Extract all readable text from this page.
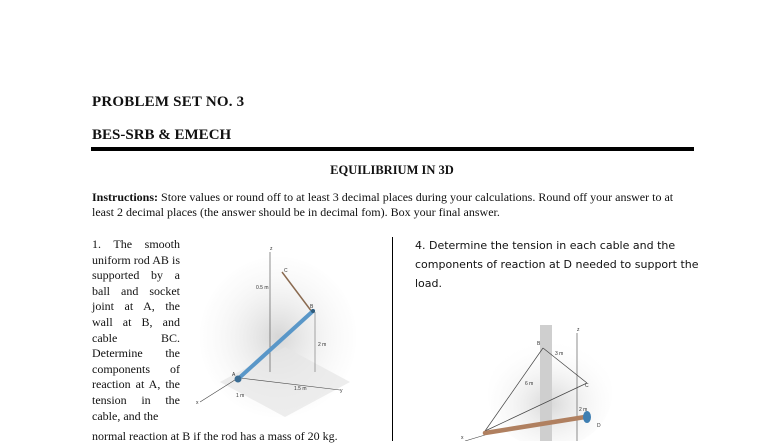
PROBLEM SET NO. 3
BES-SRB & EMECH
EQUILIBRIUM IN 3D
Instructions: Store values or round off to at least 3 decimal places during your calculations. Round off your answer to at least 2 decimal places (the answer should be in decimal fom). Box your final answer.
1. The smooth uniform rod AB is supported by a ball and socket joint at A, the wall at B, and cable BC. Determine the components of reaction at A, the tension in the cable, and the
normal reaction at B if the rod has a mass of 20 kg.
z
C
B
A
x
y
0.5 m
2 m
1 m
1.5 m
4. Determine the tension in each cable and the components of reaction at D needed to support the load.
z
B
C
D
x
3 m
6 m
2 m
